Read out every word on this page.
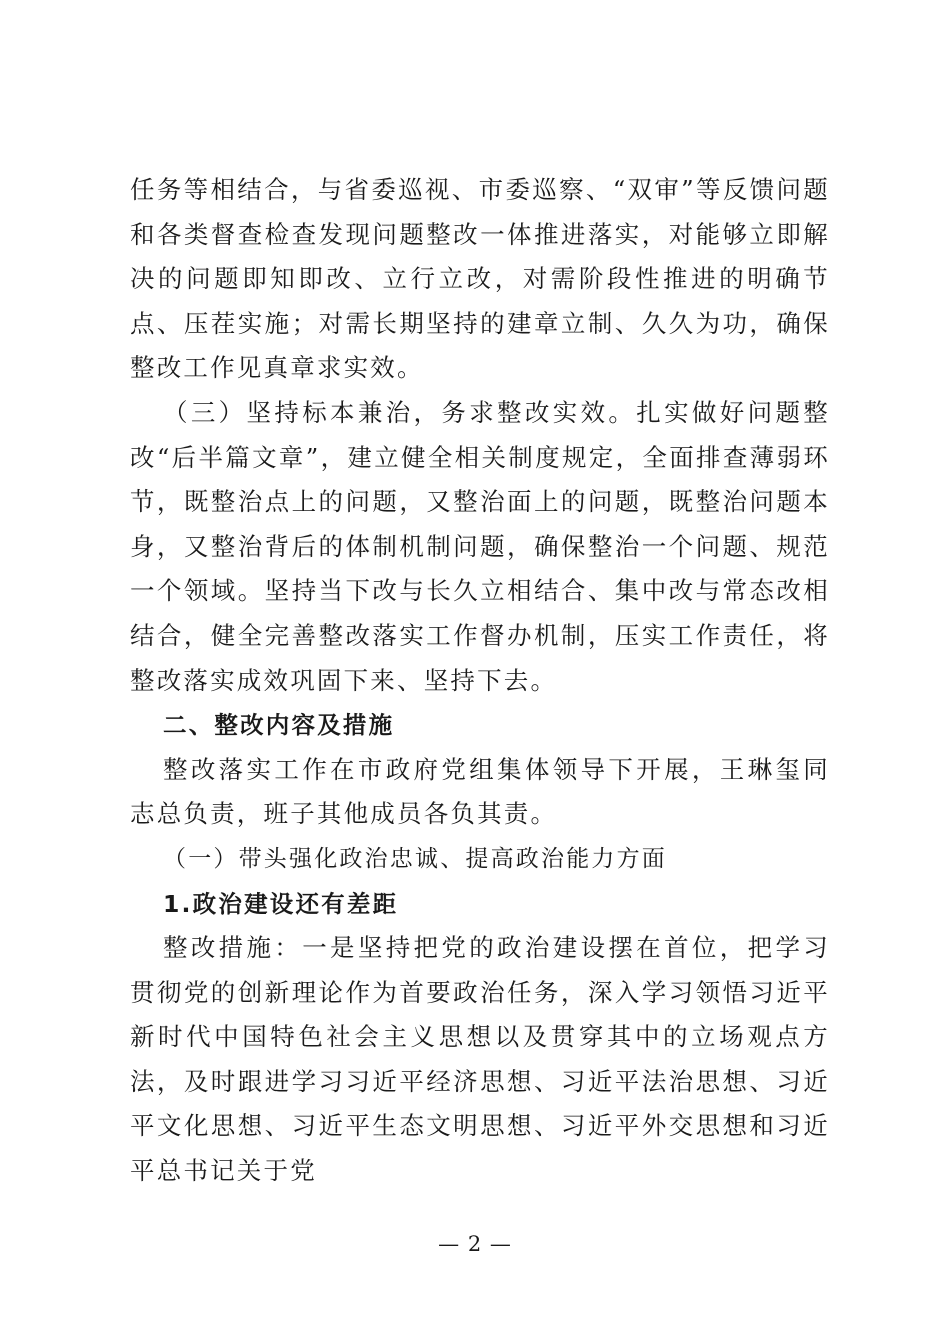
任务等相结合，与省委巡视、市委巡察、“双审”等反馈问题和各类督查检查发现问题整改一体推进落实，对能够立即解决的问题即知即改、立行立改，对需阶段性推进的明确节点、压茬实施；对需长期坚持的建章立制、久久为功，确保整改工作见真章求实效。

（三）坚持标本兼治，务求整改实效。扎实做好问题整改“后半篇文章”，建立健全相关制度规定，全面排查薄弱环节，既整治点上的问题，又整治面上的问题，既整治问题本身，又整治背后的体制机制问题，确保整治一个问题、规范一个领域。坚持当下改与长久立相结合、集中改与常态改相结合，健全完善整改落实工作督办机制，压实工作责任，将整改落实成效巩固下来、坚持下去。

二、整改内容及措施

整改落实工作在市政府党组集体领导下开展，王琳玺同志总负责，班子其他成员各负其责。

（一）带头强化政治忠诚、提高政治能力方面

1.政治建设还有差距

整改措施：一是坚持把党的政治建设摆在首位，把学习贯彻党的创新理论作为首要政治任务，深入学习领悟习近平新时代中国特色社会主义思想以及贯穿其中的立场观点方法，及时跟进学习习近平经济思想、习近平法治思想、习近平文化思想、习近平生态文明思想、习近平外交思想和习近平总书记关于党

— 2 —
